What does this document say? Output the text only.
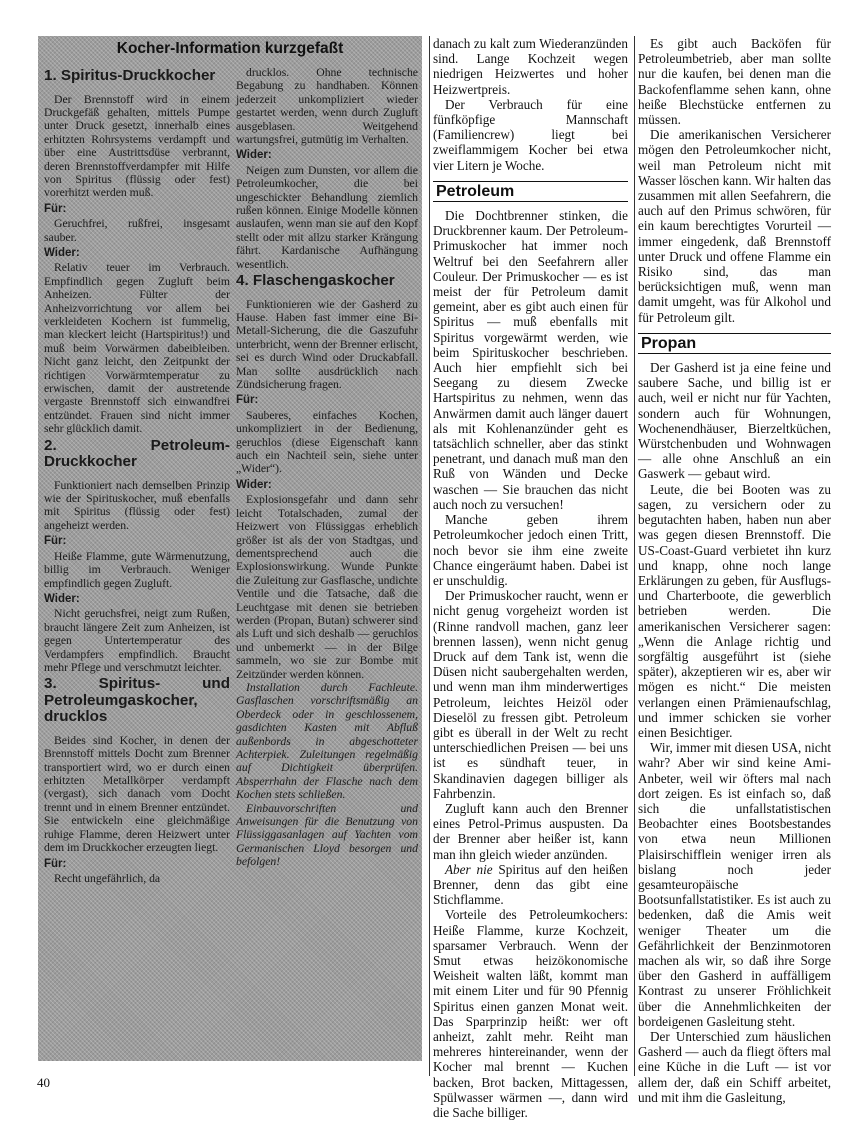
Kocher-Information kurzgefaßt
1. Spiritus-Druckkocher

Der Brennstoff wird in einem Druckgefäß gehalten, mittels Pumpe unter Druck gesetzt, innerhalb eines erhitzten Rohrsystems verdampft und über eine Austrittsdüse verbrannt, deren Brennstoffverdampfer mit Hilfe von Spiritus (flüssig oder fest) vorerhitzt werden muß.

Für:

Geruchfrei, rußfrei, insgesamt sauber.

Wider:

Relativ teuer im Verbrauch. Empfindlich gegen Zugluft beim Anheizen. Fülter der Anheizvorrichtung vor allem bei verkleideten Kochern ist fummelig, man kleckert leicht (Hartspiritus!) und muß beim Vorwärmen dabeibleiben. Nicht ganz leicht, den Zeitpunkt der richtigen Vorwärmtemperatur zu erwischen, damit der austretende vergaste Brennstoff sich einwandfrei entzündet. Frauen sind nicht immer sehr glücklich damit.

2. Petroleum-Druckkocher

Funktioniert nach demselben Prinzip wie der Spirituskocher, muß ebenfalls mit Spiritus (flüssig oder fest) angeheizt werden.

Für:

Heiße Flamme, gute Wärmenutzung, billig im Verbrauch. Weniger empfindlich gegen Zugluft.

Wider:

Nicht geruchsfrei, neigt zum Rußen, braucht längere Zeit zum Anheizen, ist gegen Untertemperatur des Verdampfers empfindlich. Braucht mehr Pflege und verschmutzt leichter.

3. Spiritus- und Petroleumgaskocher, drucklos

Beides sind Kocher, in denen der Brennstoff mittels Docht zum Brenner transportiert wird, wo er durch einen erhitzten Metallkörper verdampft (vergast), sich danach vom Docht trennt und in einem Brenner entzündet. Sie entwickeln eine gleichmäßige ruhige Flamme, deren Heizwert unter dem im Druckkocher erzeugten liegt.

Für:

Recht ungefährlich, da

drucklos. Ohne technische Begabung zu handhaben. Können jederzeit unkompliziert wieder gestartet werden, wenn durch Zugluft ausgeblasen. Weitgehend wartungsfrei, gutmütig im Verhalten.

Wider:

Neigen zum Dunsten, vor allem die Petroleumkocher, die bei ungeschickter Behandlung ziemlich rußen können. Einige Modelle können auslaufen, wenn man sie auf den Kopf stellt oder mit allzu starker Krängung fährt. Kardanische Aufhängung wesentlich.

4. Flaschengaskocher

Funktionieren wie der Gasherd zu Hause. Haben fast immer eine Bi-Metall-Sicherung, die die Gaszufuhr unterbricht, wenn der Brenner erlischt, sei es durch Wind oder Druckabfall. Man sollte ausdrücklich nach Zündsicherung fragen.

Für:

Sauberes, einfaches Kochen, unkompliziert in der Bedienung, geruchlos (diese Eigenschaft kann auch ein Nachteil sein, siehe unter „Wider“).

Wider:

Explosionsgefahr und dann sehr leicht Totalschaden, zumal der Heizwert von Flüssiggas erheblich größer ist als der von Stadtgas, und dementsprechend auch die Explosionswirkung. Wunde Punkte die Zuleitung zur Gasflasche, undichte Ventile und die Tatsache, daß die Leuchtgase mit denen sie betrieben werden (Propan, Butan) schwerer sind als Luft und sich deshalb — geruchlos und unbemerkt — in der Bilge sammeln, wo sie zur Bombe mit Zeitzünder werden können.

Installation durch Fachleute. Gasflaschen vorschriftsmäßig an Oberdeck oder in geschlossenem, gasdichten Kasten mit Abfluß außenbords in abgeschotteter Achterpiek. Zuleitungen regelmäßig auf Dichtigkeit überprüfen. Absperrhahn der Flasche nach dem Kochen stets schließen.

Einbauvorschriften und Anweisungen für die Benutzung von Flüssiggasanlagen auf Yachten vom Germanischen Lloyd besorgen und befolgen!

danach zu kalt zum Wiederanzünden sind. Lange Kochzeit wegen niedrigen Heizwertes und hoher Heizwertpreis.

Der Verbrauch für eine fünfköpfige Mannschaft (Familiencrew) liegt bei zweiflammigem Kocher bei etwa vier Litern je Woche.

Petroleum

Die Dochtbrenner stinken, die Druckbrenner kaum. Der Petroleum-Primuskocher hat immer noch Weltruf bei den Seefahrern aller Couleur. Der Primuskocher — es ist meist der für Petroleum damit gemeint, aber es gibt auch einen für Spiritus — muß ebenfalls mit Spiritus vorgewärmt werden, wie beim Spirituskocher beschrieben. Auch hier empfiehlt sich bei Seegang zu diesem Zwecke Hartspiritus zu nehmen, wenn das Anwärmen damit auch länger dauert als mit Kohlenanzünder geht es tatsächlich schneller, aber das stinkt penetrant, und danach muß man den Ruß von Wänden und Decke waschen — Sie brauchen das nicht auch noch zu versuchen!

Manche geben ihrem Petroleumkocher jedoch einen Tritt, noch bevor sie ihm eine zweite Chance eingeräumt haben. Dabei ist er unschuldig.

Der Primuskocher raucht, wenn er nicht genug vorgeheizt worden ist (Rinne randvoll machen, ganz leer brennen lassen), wenn nicht genug Druck auf dem Tank ist, wenn die Düsen nicht saubergehalten werden, und wenn man ihm minderwertiges Petroleum, leichtes Heizöl oder Dieselöl zu fressen gibt. Petroleum gibt es überall in der Welt zu recht unterschiedlichen Preisen — bei uns ist es sündhaft teuer, in Skandinavien dagegen billiger als Fahrbenzin.

Zugluft kann auch den Brenner eines Petrol-Primus auspusten. Da der Brenner aber heißer ist, kann man ihn gleich wieder anzünden.

Aber nie Spiritus auf den heißen Brenner, denn das gibt eine Stichflamme.

Vorteile des Petroleumkochers: Heiße Flamme, kurze Kochzeit, sparsamer Verbrauch. Wenn der Smut etwas heizökonomische Weisheit walten läßt, kommt man mit einem Liter und für 90 Pfennig Spiritus einen ganzen Monat weit. Das Sparprinzip heißt: wer oft anheizt, zahlt mehr. Reiht man mehreres hintereinander, wenn der Kocher mal brennt — Kuchen backen, Brot backen, Mittagessen, Spülwasser wärmen —, dann wird die Sache billiger.

Es gibt auch Backöfen für Petroleumbetrieb, aber man sollte nur die kaufen, bei denen man die Backofenflamme sehen kann, ohne heiße Blechstücke entfernen zu müssen.

Die amerikanischen Versicherer mögen den Petroleumkocher nicht, weil man Petroleum nicht mit Wasser löschen kann. Wir halten das zusammen mit allen Seefahrern, die auch auf den Primus schwören, für ein kaum berechtigtes Vorurteil — immer eingedenk, daß Brennstoff unter Druck und offene Flamme ein Risiko sind, das man berücksichtigen muß, wenn man damit umgeht, was für Alkohol und für Petroleum gilt.

Propan

Der Gasherd ist ja eine feine und saubere Sache, und billig ist er auch, weil er nicht nur für Yachten, sondern auch für Wohnungen, Wochenendhäuser, Bierzeltküchen, Würstchenbuden und Wohnwagen — alle ohne Anschluß an ein Gaswerk — gebaut wird.

Leute, die bei Booten was zu sagen, zu versichern oder zu begutachten haben, haben nun aber was gegen diesen Brennstoff. Die US-Coast-Guard verbietet ihn kurz und knapp, ohne noch lange Erklärungen zu geben, für Ausflugs- und Charterboote, die gewerblich betrieben werden. Die amerikanischen Versicherer sagen: „Wenn die Anlage richtig und sorgfältig ausgeführt ist (siehe später), akzeptieren wir es, aber wir mögen es nicht.“ Die meisten verlangen einen Prämienaufschlag, und immer schicken sie vorher einen Besichtiger.

Wir, immer mit diesen USA, nicht wahr? Aber wir sind keine Ami-Anbeter, weil wir öfters mal nach dort zeigen. Es ist einfach so, daß sich die unfallstatistischen Beobachter eines Bootsbestandes von etwa neun Millionen Plaisirschifflein weniger irren als bislang noch jeder gesamteuropäische Bootsunfallstatistiker. Es ist auch zu bedenken, daß die Amis weit weniger Theater um die Gefährlichkeit der Benzinmotoren machen als wir, so daß ihre Sorge über den Gasherd in auffälligem Kontrast zu unserer Fröhlichkeit über die Annehmlichkeiten der bordeigenen Gasleitung steht.

Der Unterschied zum häuslichen Gasherd — auch da fliegt öfters mal eine Küche in die Luft — ist vor allem der, daß ein Schiff arbeitet, und mit ihm die Gasleitung,

40
